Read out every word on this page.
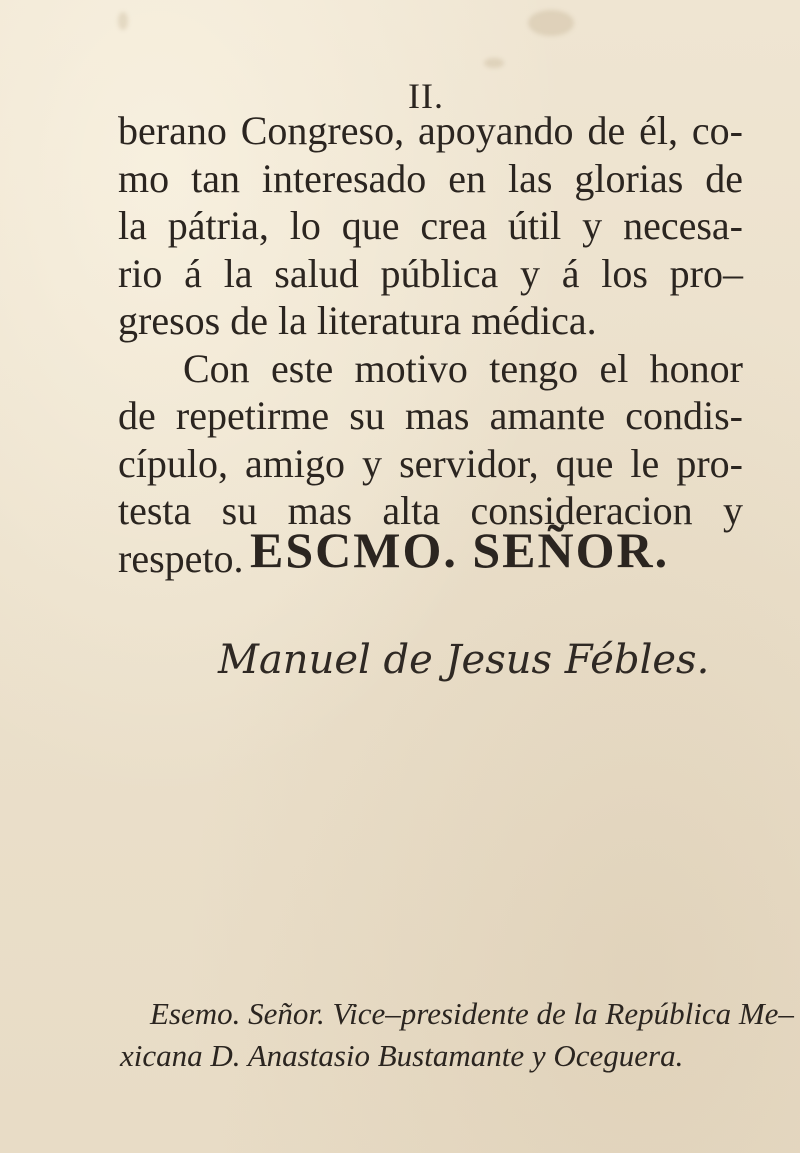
II.
berano Congreso, apoyando de él, co-
mo tan interesado en las glorias de
la pátria, lo que crea útil y necesa-
rio á la salud pública y á los pro–
gresos de la literatura médica.
Con este motivo tengo el honor
de repetirme su mas amante condis-
cípulo, amigo y servidor, que le pro-
testa su mas alta consideracion y
respeto. ESCMO. SEÑOR.
Manuel de Jesus Fébles.
Esemo. Señor. Vice–presidente de la República Me–
xicana D. Anastasio Bustamante y Oceguera.
